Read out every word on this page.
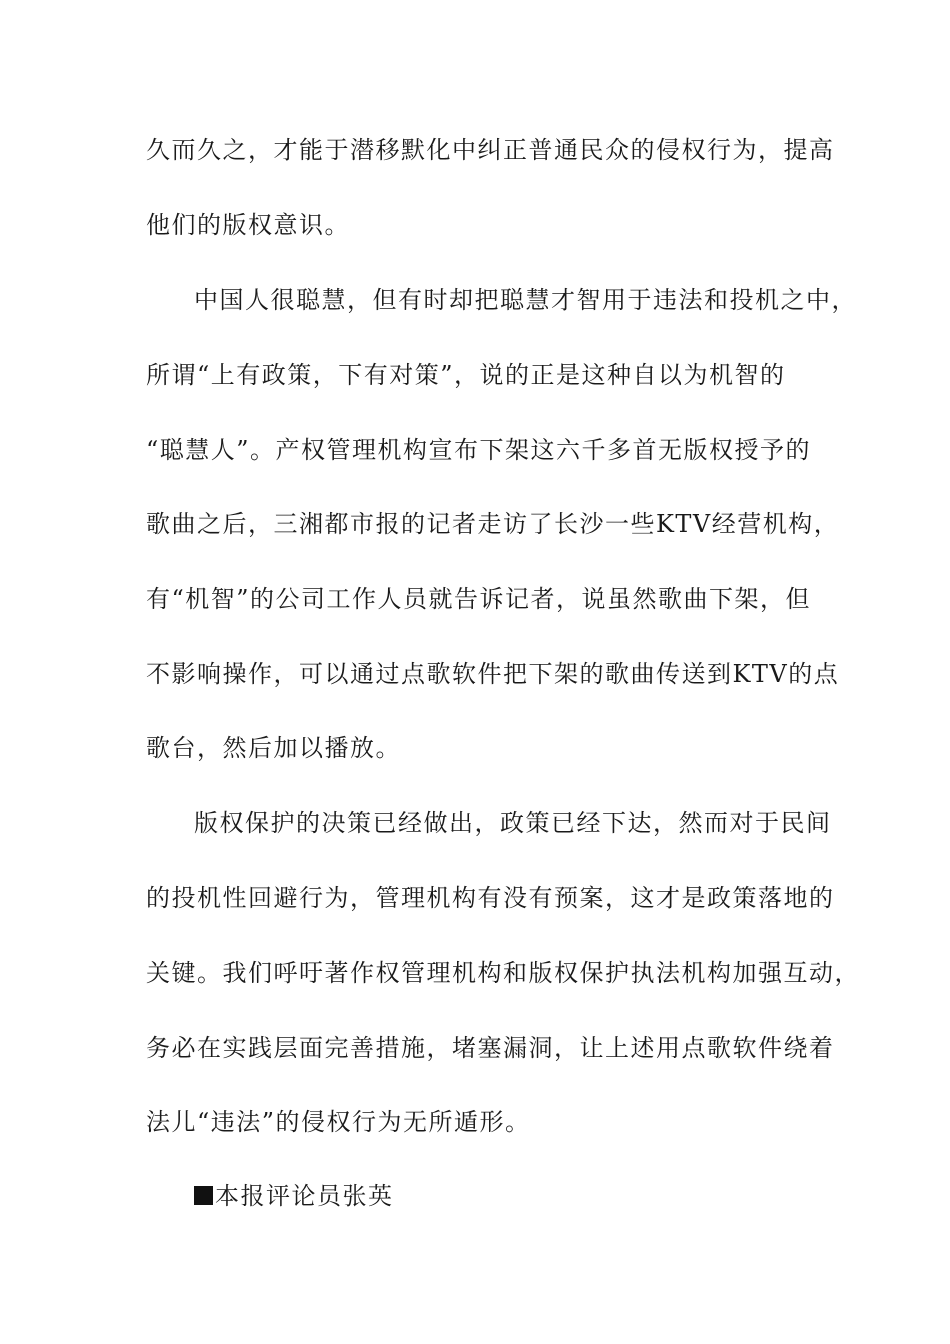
久而久之，才能于潜移默化中纠正普通民众的侵权行为，提高
他们的版权意识。
中国人很聪慧，但有时却把聪慧才智用于违法和投机之中，
所谓“上有政策，下有对策”，说的正是这种自以为机智的
“聪慧人”。产权管理机构宣布下架这六千多首无版权授予的
歌曲之后，三湘都市报的记者走访了长沙一些KTV经营机构，
有“机智”的公司工作人员就告诉记者，说虽然歌曲下架，但
不影响操作，可以通过点歌软件把下架的歌曲传送到KTV的点
歌台，然后加以播放。
版权保护的决策已经做出，政策已经下达，然而对于民间
的投机性回避行为，管理机构有没有预案，这才是政策落地的
关键。我们呼吁著作权管理机构和版权保护执法机构加强互动，
务必在实践层面完善措施，堵塞漏洞，让上述用点歌软件绕着
法儿“违法”的侵权行为无所遁形。
本报评论员张英
